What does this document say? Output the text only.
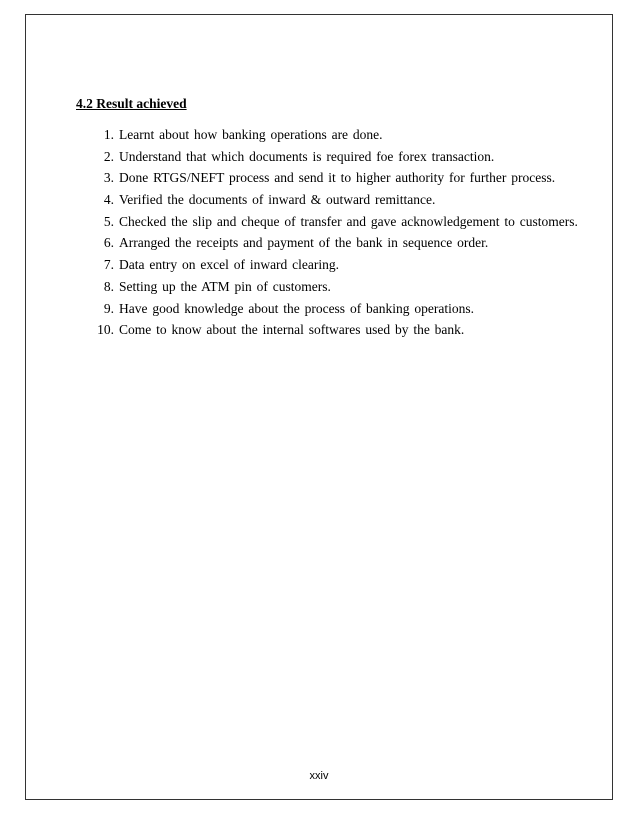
4.2 Result achieved
1. Learnt about how banking operations are done.
2. Understand that which documents is required foe forex transaction.
3. Done RTGS/NEFT process and send it to higher authority for further process.
4. Verified the documents of inward & outward remittance.
5. Checked the slip and cheque of transfer and gave acknowledgement to customers.
6. Arranged the receipts and payment of the bank in sequence order.
7. Data entry on excel of inward clearing.
8. Setting up the ATM pin of customers.
9. Have good knowledge about the process of banking operations.
10. Come to know about the internal softwares used by the bank.
xxiv
